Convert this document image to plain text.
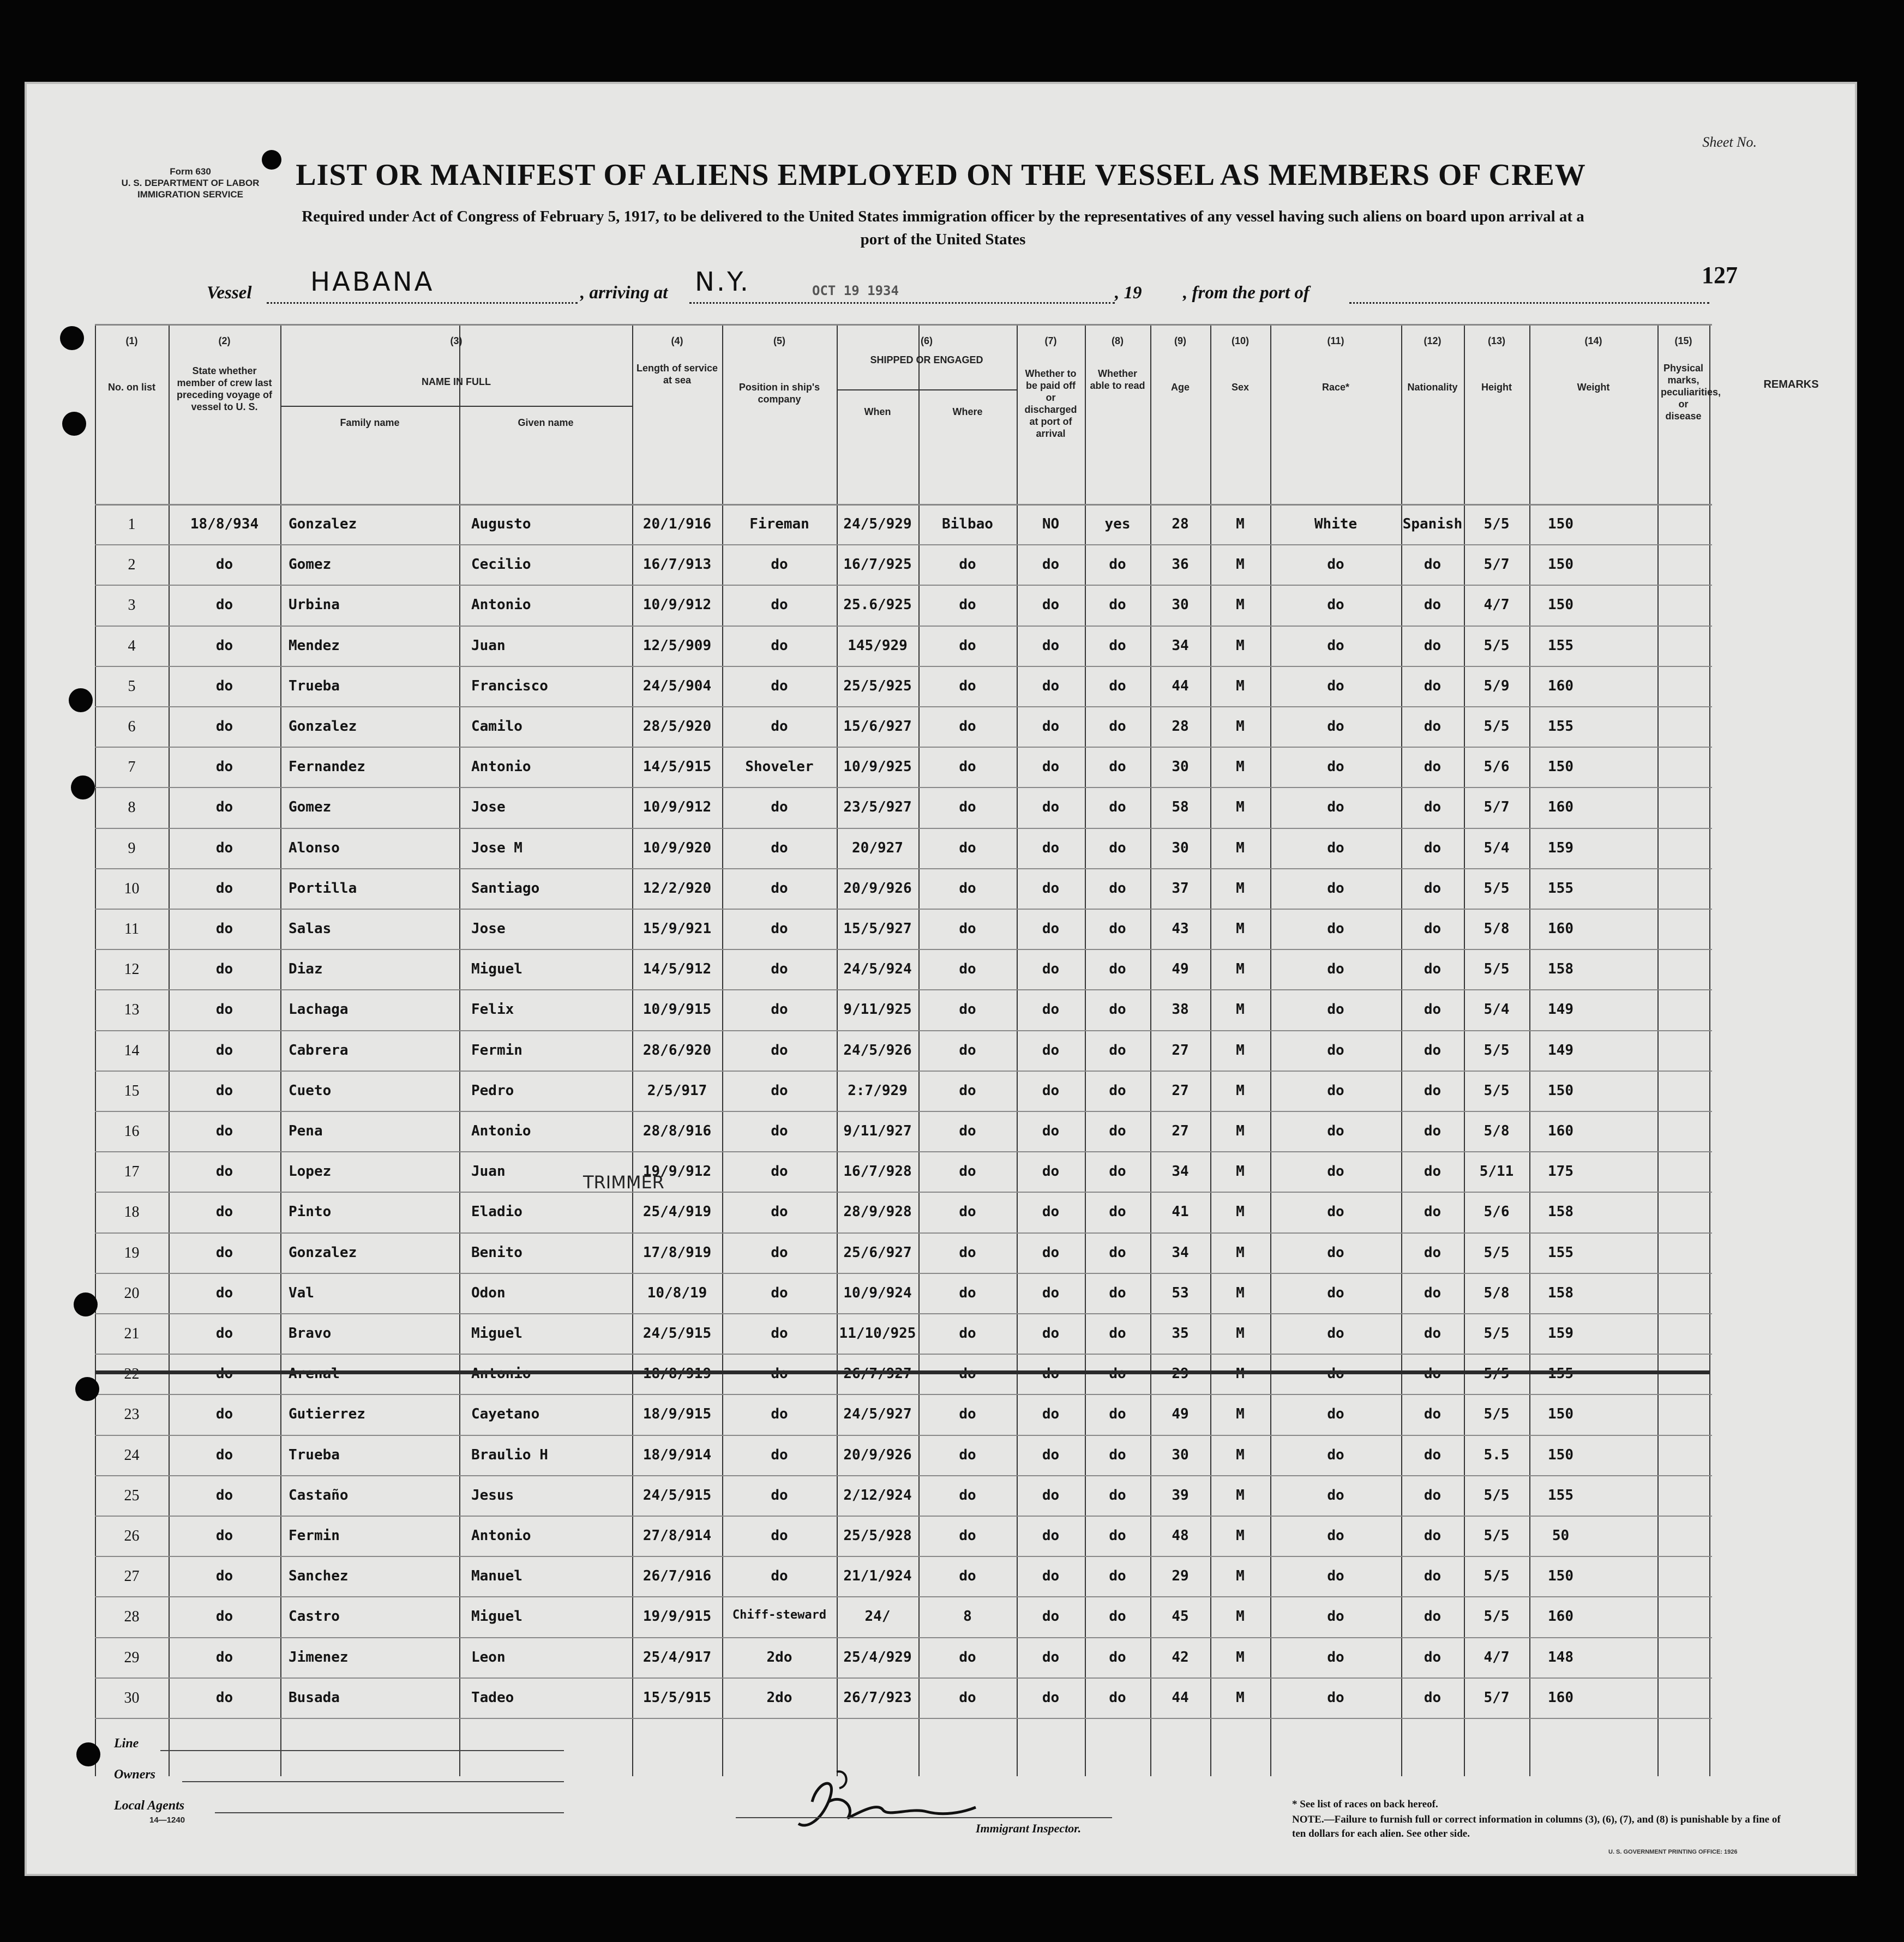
Form 630
U. S. DEPARTMENT OF LABOR
IMMIGRATION SERVICE
Sheet No.
LIST OR MANIFEST OF ALIENS EMPLOYED ON THE VESSEL AS MEMBERS OF CREW
Required under Act of Congress of February 5, 1917, to be delivered to the United States immigration officer by the representatives of any vessel having such aliens on board upon arrival at a
port of the United States
Vessel HABANA	, arriving at N.Y.	OCT 19 1934	, 19 , from the port of
127
(1)
No. on list
(2)
State whether member of crew last preceding voyage of vessel to U. S.
(3)
NAME IN FULL
(4)
Length of service at sea
(5)
Position in ship's company
(6)
SHIPPED OR ENGAGED
(7)
Whether to be paid off or discharged at port of arrival
(8)
Whether able to read
(9)
Age
(10)
Sex
(11)
Race*
(12)
Nationality
(13)
Height
(14)
Weight
(15)
Physical marks, peculiarities, or disease
REMARKS
Family name	Given name
When	Where
1	18/8/934	Gonzalez	Augusto	20/1/916	Fireman	24/5/929	Bilbao	NO	yes	28	M	White	Spanish	5/5	150
2	do	Gomez	Cecilio	16/7/913	do	16/7/925	do	do	do	36	M	do	do	5/7	150
3	do	Urbina	Antonio	10/9/912	do	25.6/925	do	do	do	30	M	do	do	4/7	150
4	do	Mendez	Juan	12/5/909	do	145/929	do	do	do	34	M	do	do	5/5	155
5	do	Trueba	Francisco	24/5/904	do	25/5/925	do	do	do	44	M	do	do	5/9	160
6	do	Gonzalez	Camilo	28/5/920	do	15/6/927	do	do	do	28	M	do	do	5/5	155
7	do	Fernandez	Antonio	14/5/915	Shoveler	10/9/925	do	do	do	30	M	do	do	5/6	150
8	do	Gomez	Jose	10/9/912	do	23/5/927	do	do	do	58	M	do	do	5/7	160
9	do	Alonso	Jose M	10/9/920	do	20/927	do	do	do	30	M	do	do	5/4	159
10	do	Portilla	Santiago	12/2/920	do	20/9/926	do	do	do	37	M	do	do	5/5	155
11	do	Salas	Jose	15/9/921	do	15/5/927	do	do	do	43	M	do	do	5/8	160
12	do	Diaz	Miguel	14/5/912	do	24/5/924	do	do	do	49	M	do	do	5/5	158
13	do	Lachaga	Felix	10/9/915	do	9/11/925	do	do	do	38	M	do	do	5/4	149
14	do	Cabrera	Fermin	28/6/920	do	24/5/926	do	do	do	27	M	do	do	5/5	149
15	do	Cueto	Pedro	2/5/917	do	2:7/929	do	do	do	27	M	do	do	5/5	150
16	do	Pena	Antonio	28/8/916	do	9/11/927	do	do	do	27	M	do	do	5/8	160
17	do	Lopez	Juan	19/9/912	do	16/7/928	do	do	do	34	M	do	do	5/11	175
18	do	Pinto	Eladio	25/4/919	do	28/9/928	do	do	do	41	M	do	do	5/6	158
19	do	Gonzalez	Benito	17/8/919	do	25/6/927	do	do	do	34	M	do	do	5/5	155
20	do	Val	Odon	10/8/19	do	10/9/924	do	do	do	53	M	do	do	5/8	158
21	do	Bravo	Miguel	24/5/915	do	11/10/925	do	do	do	35	M	do	do	5/5	159
22	do	Arenal	Antonio	18/8/919	do	26/7/927	do	do	do	29	M	do	do	5/5	155
23	do	Gutierrez	Cayetano	18/9/915	do	24/5/927	do	do	do	49	M	do	do	5/5	150
24	do	Trueba	Braulio H	18/9/914	do	20/9/926	do	do	do	30	M	do	do	5.5	150
25	do	Castaño	Jesus	24/5/915	do	2/12/924	do	do	do	39	M	do	do	5/5	155
26	do	Fermin	Antonio	27/8/914	do	25/5/928	do	do	do	48	M	do	do	5/5	50
27	do	Sanchez	Manuel	26/7/916	do	21/1/924	do	do	do	29	M	do	do	5/5	150
28	do	Castro	Miguel	19/9/915	Chiff-steward	24/	8	do	do	45	M	do	do	5/5	160
29	do	Jimenez	Leon	25/4/917	2do	25/4/929	do	do	do	42	M	do	do	4/7	148
30	do	Busada	Tadeo	15/5/915	2do	26/7/923	do	do	do	44	M	do	do	5/7	160
TRIMMER
Line
Owners
Local Agents
14—1240
Immigrant Inspector.
* See list of races on back hereof.
NOTE.—Failure to furnish full or correct information in columns (3), (6), (7), and (8) is punishable by a fine of ten dollars for each alien. See other side.
U. S. GOVERNMENT PRINTING OFFICE: 1926
